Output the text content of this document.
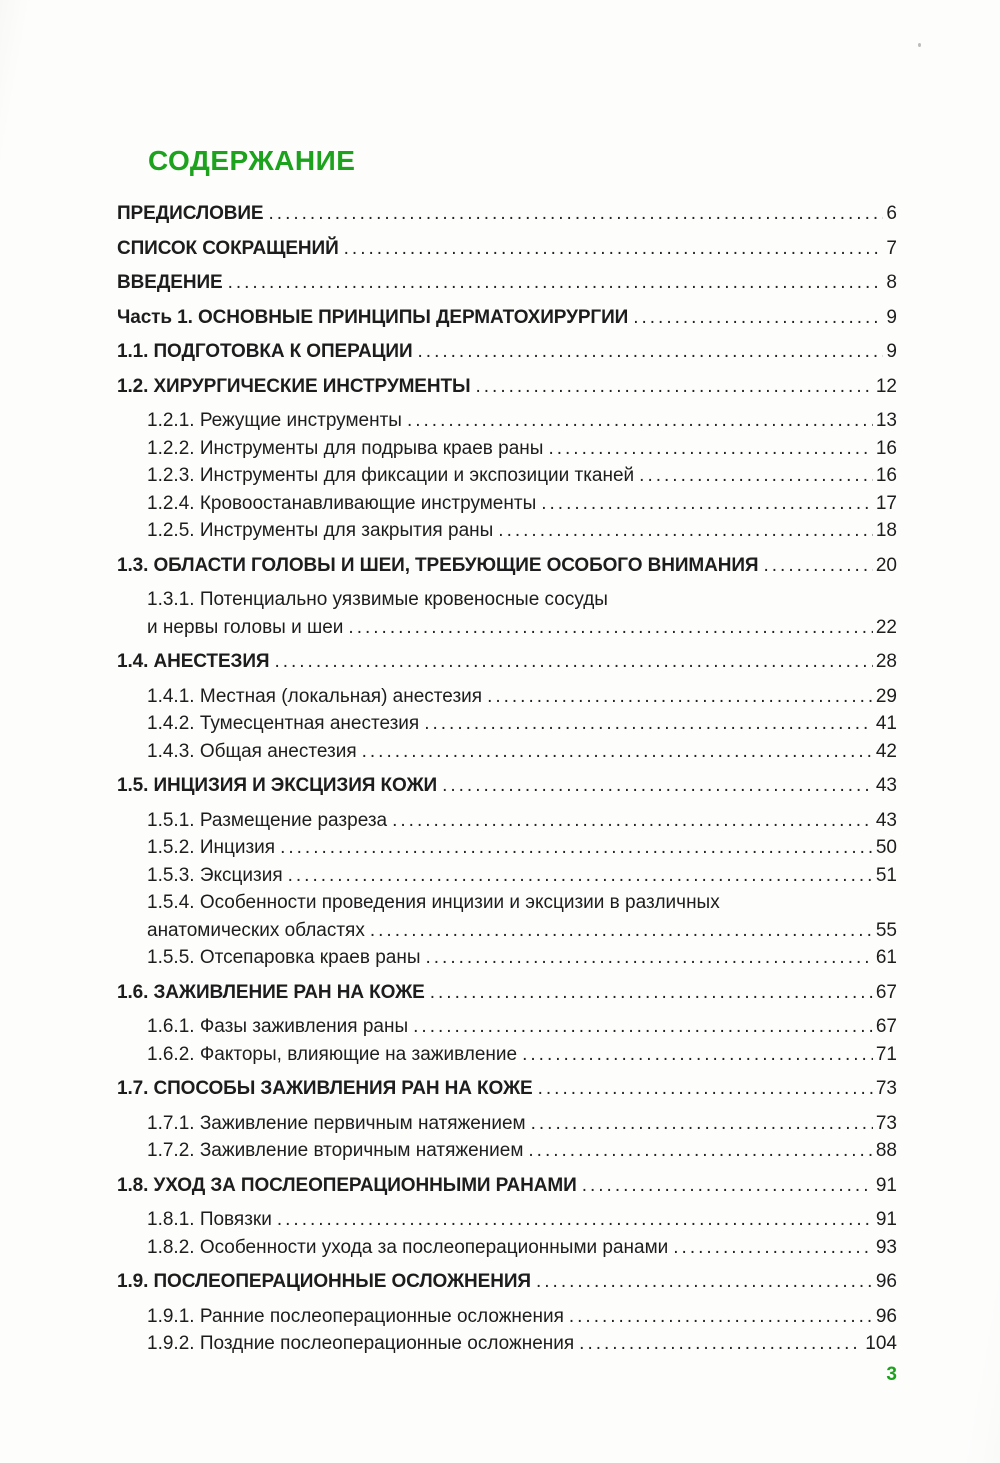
СОДЕРЖАНИЕ
ПРЕДИСЛОВИЕ .....	6
СПИСОК СОКРАЩЕНИЙ .....	7
ВВЕДЕНИЕ .....	8
Часть 1. ОСНОВНЫЕ ПРИНЦИПЫ ДЕРМАТОХИРУРГИИ .....	9
1.1. ПОДГОТОВКА К ОПЕРАЦИИ .....	9
1.2. ХИРУРГИЧЕСКИЕ ИНСТРУМЕНТЫ .....	12
1.2.1. Режущие инструменты .....	13
1.2.2. Инструменты для подрыва краев раны .....	16
1.2.3. Инструменты для фиксации и экспозиции тканей .....	16
1.2.4. Кровоостанавливающие инструменты .....	17
1.2.5. Инструменты для закрытия раны .....	18
1.3. ОБЛАСТИ ГОЛОВЫ И ШЕИ, ТРЕБУЮЩИЕ ОСОБОГО ВНИМАНИЯ .....	20
1.3.1. Потенциально уязвимые кровеносные сосуды
и нервы головы и шеи .....	22
1.4. АНЕСТЕЗИЯ .....	28
1.4.1. Местная (локальная) анестезия .....	29
1.4.2. Тумесцентная анестезия .....	41
1.4.3. Общая анестезия .....	42
1.5. ИНЦИЗИЯ И ЭКСЦИЗИЯ КОЖИ .....	43
1.5.1. Размещение разреза .....	43
1.5.2. Инцизия .....	50
1.5.3. Эксцизия .....	51
1.5.4. Особенности проведения инцизии и эксцизии в различных
анатомических областях .....	55
1.5.5. Отсепаровка краев раны .....	61
1.6. ЗАЖИВЛЕНИЕ РАН НА КОЖЕ .....	67
1.6.1. Фазы заживления раны .....	67
1.6.2. Факторы, влияющие на заживление .....	71
1.7. СПОСОБЫ ЗАЖИВЛЕНИЯ РАН НА КОЖЕ .....	73
1.7.1. Заживление первичным натяжением .....	73
1.7.2. Заживление вторичным натяжением .....	88
1.8. УХОД ЗА ПОСЛЕОПЕРАЦИОННЫМИ РАНАМИ .....	91
1.8.1. Повязки .....	91
1.8.2. Особенности ухода за послеоперационными ранами .....	93
1.9. ПОСЛЕОПЕРАЦИОННЫЕ ОСЛОЖНЕНИЯ .....	96
1.9.1. Ранние послеоперационные осложнения .....	96
1.9.2. Поздние послеоперационные осложнения .....	104
3
